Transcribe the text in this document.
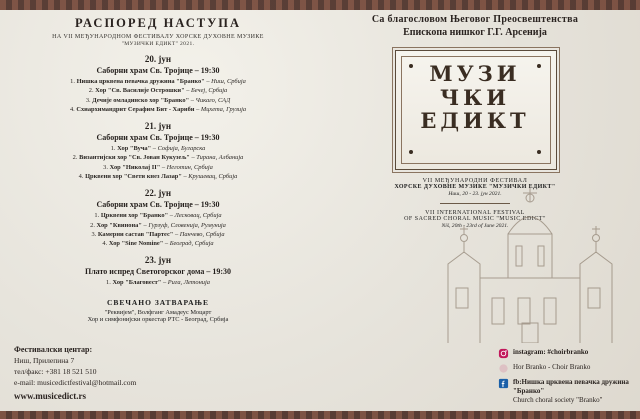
РАСПОРЕД НАСТУПА
НА VII МЕЂУНАРОДНОМ ФЕСТИВАЛУ ХОРСКЕ ДУХОВНЕ МУЗИКЕ
"МУЗИЧКИ ЕДИКТ" 2021.
20. јун
Саборни храм Св. Тројице – 19:30
1. Нишка црквена певачка дружина "Бранко" – Ниш, Србија
2. Хор "Св. Василије Острошки" – Бечеј, Србија
3. Дечије омладинско хор "Бранко" – Чикаго, САД
4. Схиархимандрит Серафим Бит - Хариби – Мцхета, Грузија
21. јун
Саборни храм Св. Тројице – 19:30
1. Хор "Вуча" – Софија, Бугарска
2. Византијски хор "Св. Јован Кукузељ" – Тирана, Албанија
3. Хор "Николај II" – Неготин, Србија
4. Црквени хор "Свети кнез Лазар" – Крушевац, Србија
22. јун
Саборни храм Св. Тројице – 19:30
1. Црквени хор "Бранко" – Лесковац, Србија
2. Хор "Квинона" – Гурзуф, Словенија, Румунија
3. Камерни састав "Партес" – Панчево, Србија
4. Хор "Sine Nomine" – Београд, Србија
23. јун
Плато испред Светогорског дома – 19:30
1. Хор "Благовест" – Рига, Летонија
СВЕЧАНО ЗАТВАРАЊЕ
"Реквијем", Волфганг Амадеус Моцарт
Хор и симфонијски оркестар РТС - Београд, Србија
Фестивалски центар:
Ниш, Прилепина 7
тел/факс: +381 18 521 510
e-mail: musicedictfestival@hotmail.com
www.musicedict.rs
Са благословом Његовог Преосвештенства
Епископа нишког Г.Г. Арсенија
МУЗИ
ЧКИ
ЕДИКТ
VII МЕЂУНАРОДНИ ФЕСТИВАЛ
ХОРСКЕ ДУХОВНЕ МУЗИКЕ "МУЗИЧКИ ЕДИКТ"
Ниш, 20 - 23. јун 2021.
VII INTERNATIONAL FESTIVAL
OF SACRED CHORAL MUSIC "MUSIC EDICT"
Niš, 20th - 23rd of June 2021.
instagram: #choirbranko
Hor Branko - Choir Branko
fb:Нишка црквена певачка дружина "Бранко"
Church choral society "Branko"
